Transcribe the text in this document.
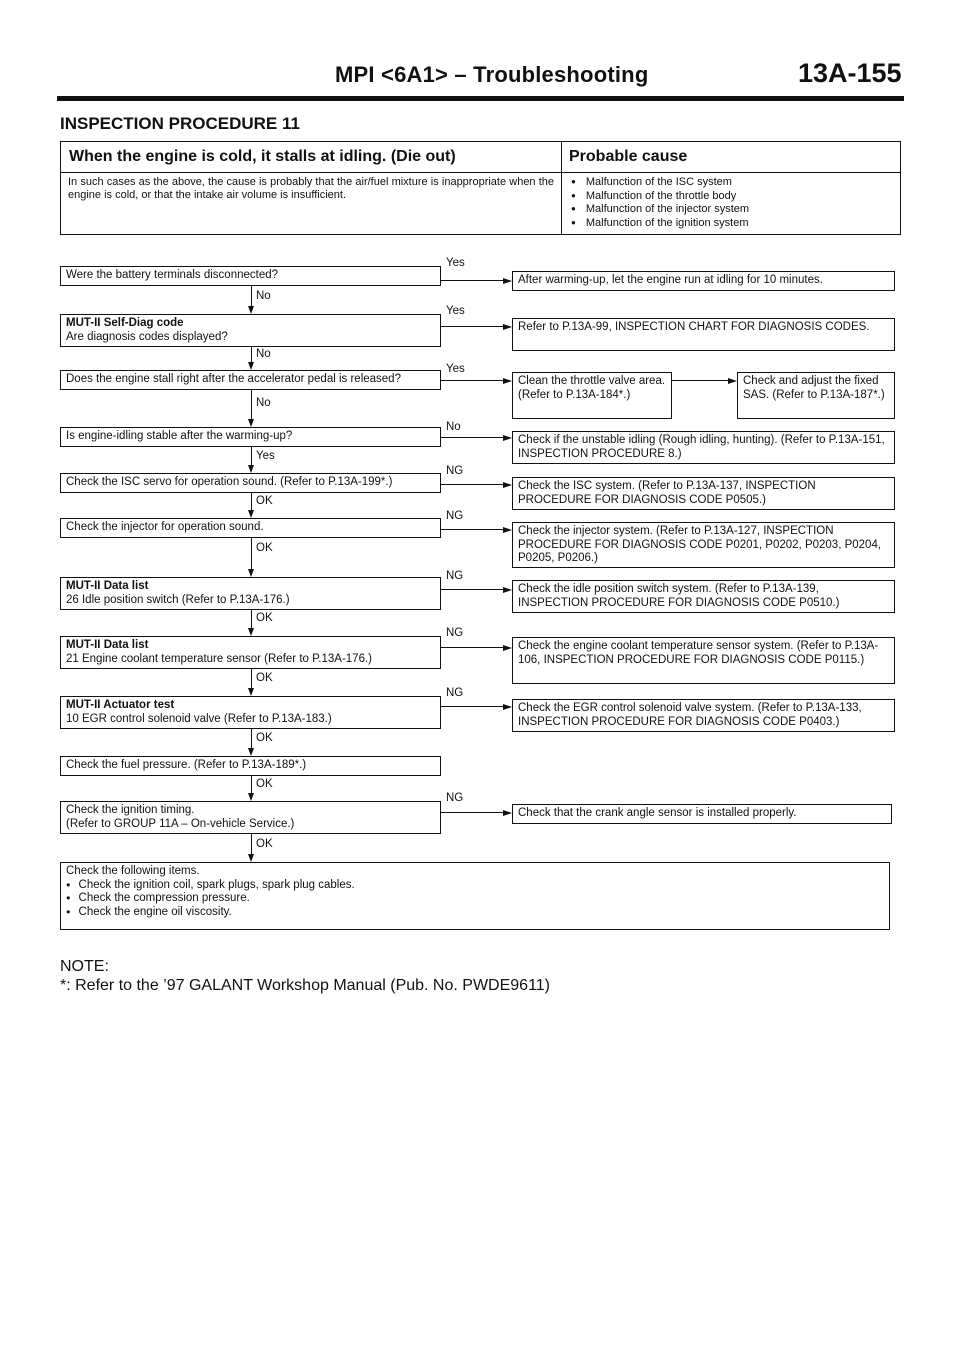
MPI <6A1> – Troubleshooting	13A-155
INSPECTION PROCEDURE 11
When the engine is cold, it stalls at idling. (Die out)	Probable cause
In such cases as the above, the cause is probably that the air/fuel mixture is inappropriate when the engine is cold, or that the intake air volume is insufficient.
● Malfunction of the ISC system
● Malfunction of the throttle body
● Malfunction of the injector system
● Malfunction of the ignition system
Were the battery terminals disconnected?
MUT-II Self-Diag code
Are diagnosis codes displayed?
Does the engine stall right after the accelerator pedal is released?
Is engine-idling stable after the warming-up?
Check the ISC servo for operation sound. (Refer to P.13A-199*.)
Check the injector for operation sound.
MUT-II Data list
26 Idle position switch (Refer to P.13A-176.)
MUT-II Data list
21 Engine coolant temperature sensor (Refer to P.13A-176.)
MUT-II Actuator test
10 EGR control solenoid valve (Refer to P.13A-183.)
Check the fuel pressure. (Refer to P.13A-189*.)
Check the ignition timing.
(Refer to GROUP 11A – On-vehicle Service.)
Check the following items.
● Check the ignition coil, spark plugs, spark plug cables.
● Check the compression pressure.
● Check the engine oil viscosity.
After warming-up, let the engine run at idling for 10 minutes.
Refer to P.13A-99, INSPECTION CHART FOR DIAGNOSIS CODES.
Clean the throttle valve area. (Refer to P.13A-184*.)
Check and adjust the fixed SAS. (Refer to P.13A-187*.)
Check if the unstable idling (Rough idling, hunting). (Refer to P.13A-151, INSPECTION PROCEDURE 8.)
Check the ISC system. (Refer to P.13A-137, INSPECTION PROCEDURE FOR DIAGNOSIS CODE P0505.)
Check the injector system. (Refer to P.13A-127, INSPECTION PROCEDURE FOR DIAGNOSIS CODE P0201, P0202, P0203, P0204, P0205, P0206.)
Check the idle position switch system. (Refer to P.13A-139, INSPECTION PROCEDURE FOR DIAGNOSIS CODE P0510.)
Check the engine coolant temperature sensor system. (Refer to P.13A-106, INSPECTION PROCEDURE FOR DIAGNOSIS CODE P0115.)
Check the EGR control solenoid valve system. (Refer to P.13A-133, INSPECTION PROCEDURE FOR DIAGNOSIS CODE P0403.)
Check that the crank angle sensor is installed properly.
No
No
No
Yes
OK
OK
OK
OK
OK
OK
OK
Yes
Yes
Yes
No
NG
NG
NG
NG
NG
NG
NOTE:
*: Refer to the ’97 GALANT Workshop Manual (Pub. No. PWDE9611)
